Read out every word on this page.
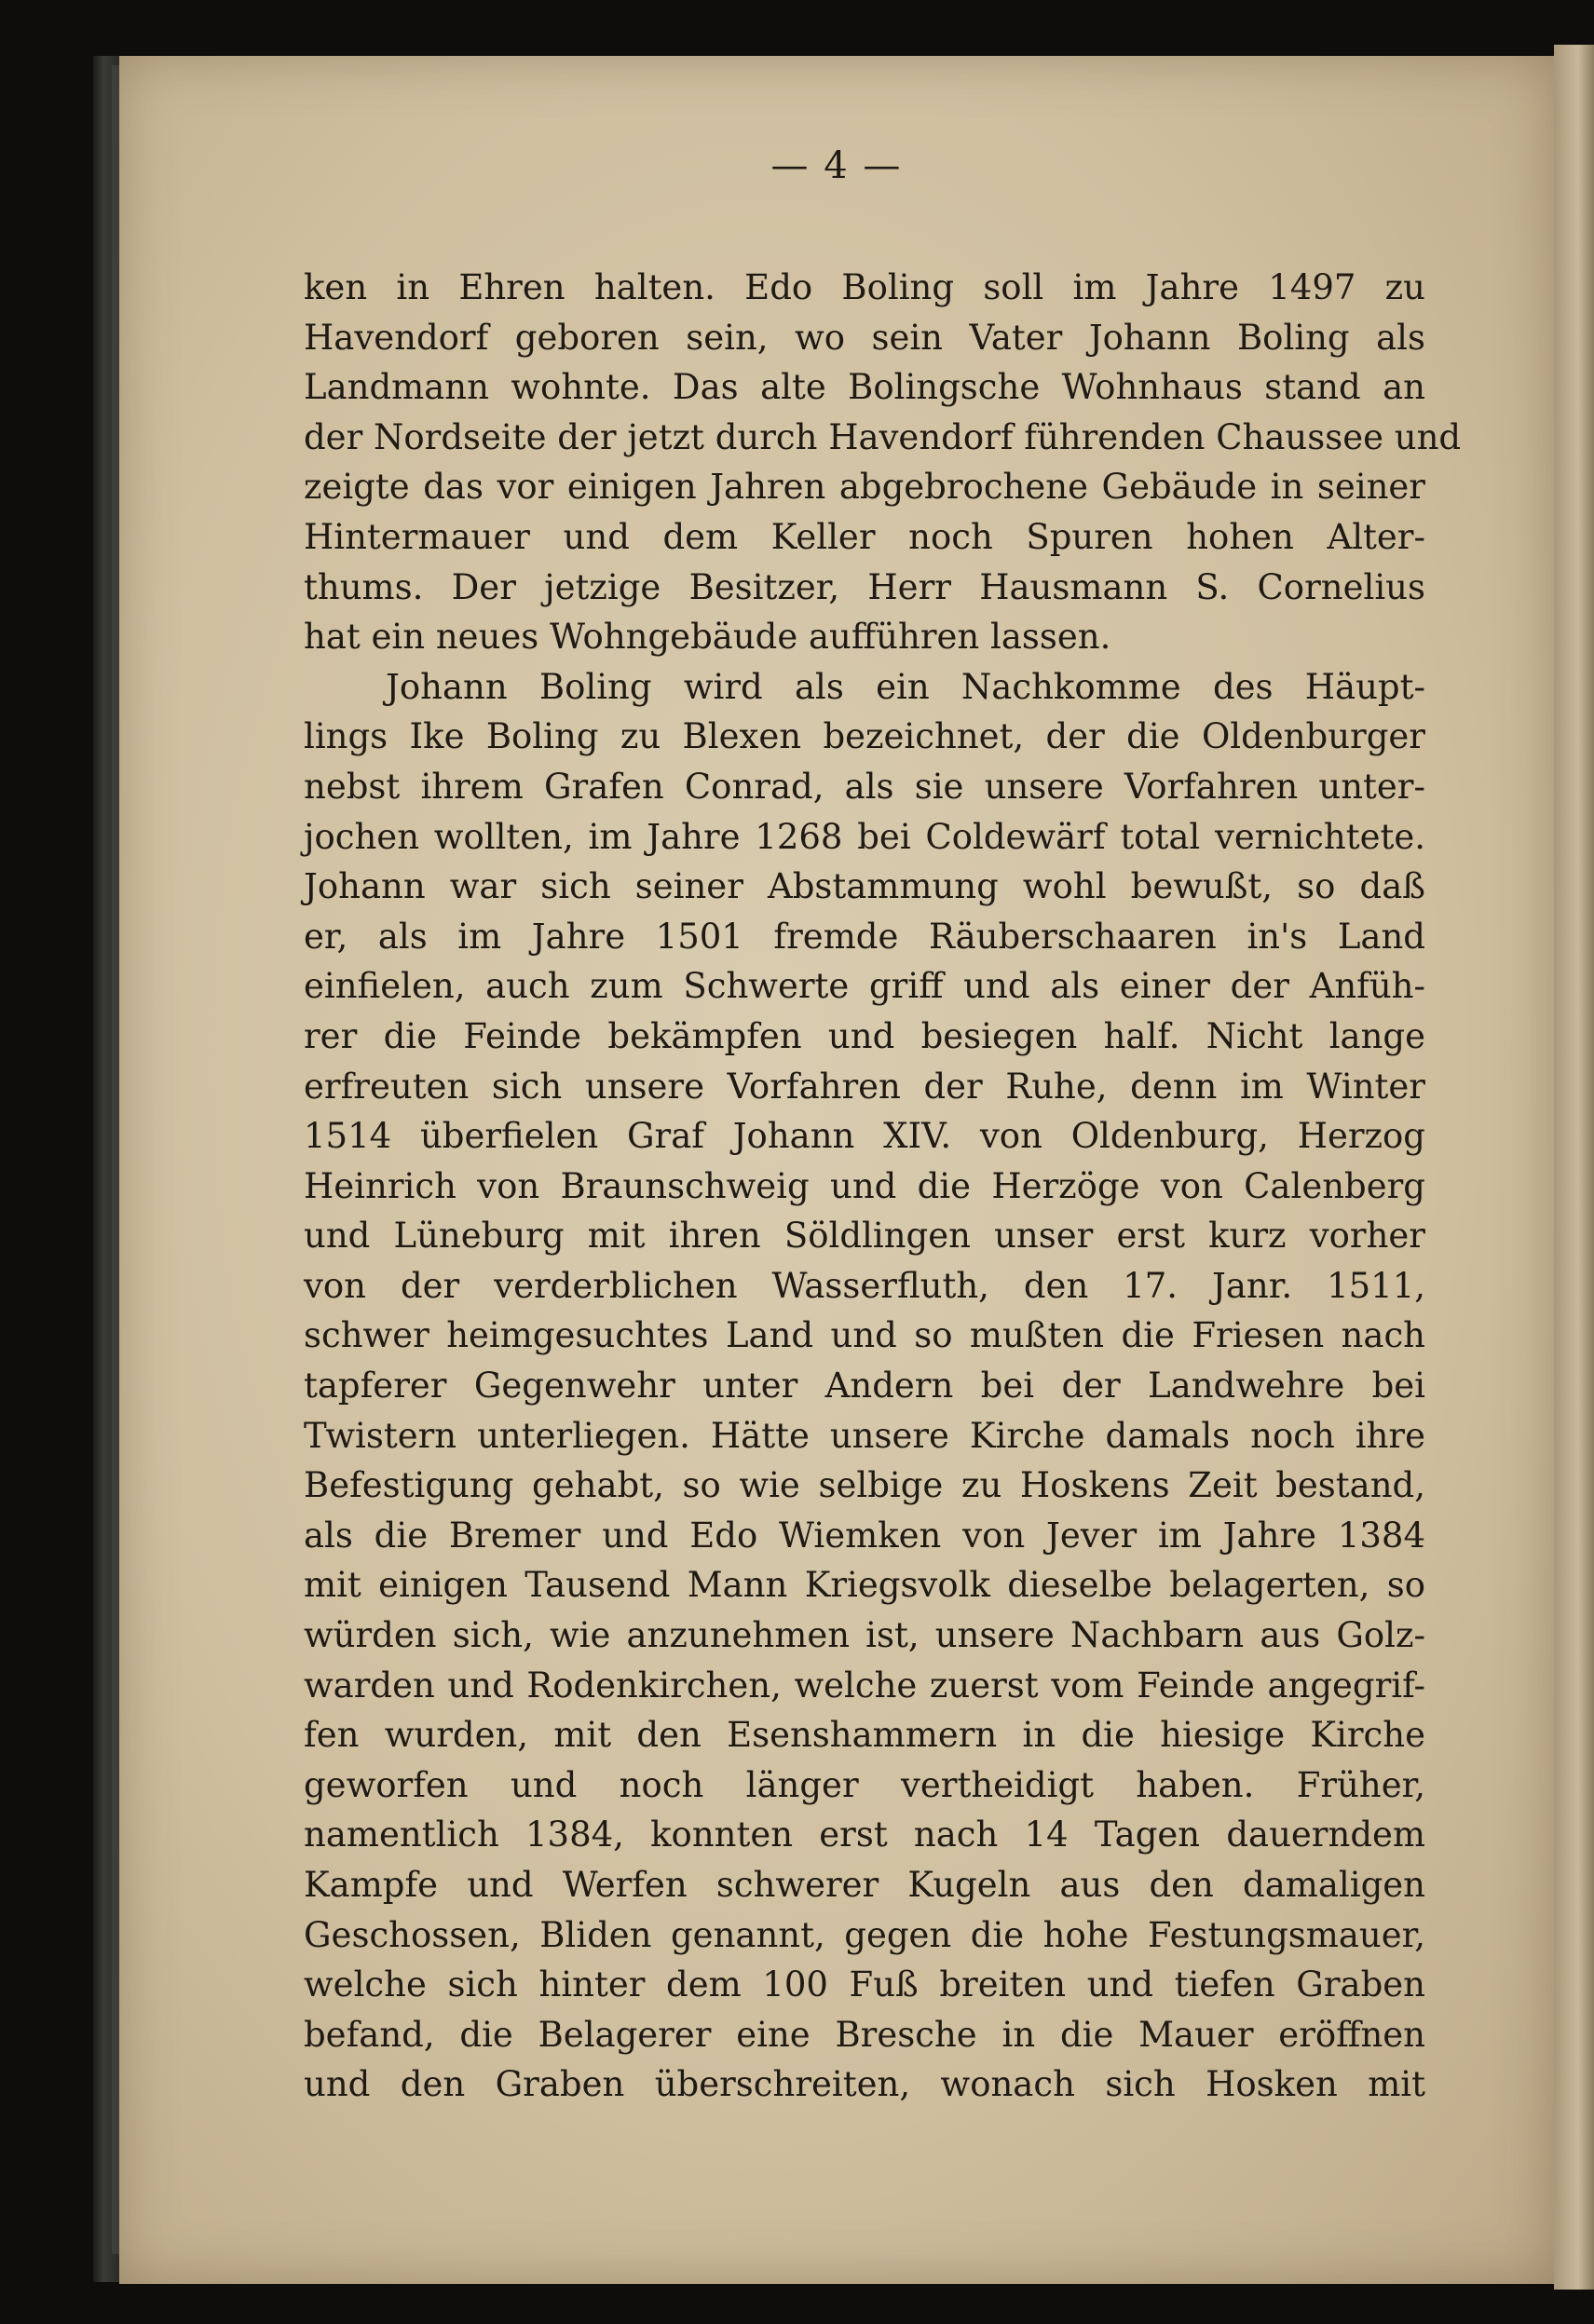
— 4 —
ken in Ehren halten. Edo Boling soll im Jahre 1497 zu
Havendorf geboren sein, wo sein Vater Johann Boling als
Landmann wohnte. Das alte Bolingsche Wohnhaus stand an
der Nordseite der jetzt durch Havendorf führenden Chaussee und
zeigte das vor einigen Jahren abgebrochene Gebäude in seiner
Hintermauer und dem Keller noch Spuren hohen Alter-
thums. Der jetzige Besitzer, Herr Hausmann S. Cornelius
hat ein neues Wohngebäude aufführen lassen.
Johann Boling wird als ein Nachkomme des Häupt-
lings Ike Boling zu Blexen bezeichnet, der die Oldenburger
nebst ihrem Grafen Conrad, als sie unsere Vorfahren unter-
jochen wollten, im Jahre 1268 bei Coldewärf total vernichtete.
Johann war sich seiner Abstammung wohl bewußt, so daß
er, als im Jahre 1501 fremde Räuberschaaren in's Land
einfielen, auch zum Schwerte griff und als einer der Anfüh-
rer die Feinde bekämpfen und besiegen half. Nicht lange
erfreuten sich unsere Vorfahren der Ruhe, denn im Winter
1514 überfielen Graf Johann XIV. von Oldenburg, Herzog
Heinrich von Braunschweig und die Herzöge von Calenberg
und Lüneburg mit ihren Söldlingen unser erst kurz vorher
von der verderblichen Wasserfluth, den 17. Janr. 1511,
schwer heimgesuchtes Land und so mußten die Friesen nach
tapferer Gegenwehr unter Andern bei der Landwehre bei
Twistern unterliegen. Hätte unsere Kirche damals noch ihre
Befestigung gehabt, so wie selbige zu Hoskens Zeit bestand,
als die Bremer und Edo Wiemken von Jever im Jahre 1384
mit einigen Tausend Mann Kriegsvolk dieselbe belagerten, so
würden sich, wie anzunehmen ist, unsere Nachbarn aus Golz-
warden und Rodenkirchen, welche zuerst vom Feinde angegrif-
fen wurden, mit den Esenshammern in die hiesige Kirche
geworfen und noch länger vertheidigt haben. Früher,
namentlich 1384, konnten erst nach 14 Tagen dauerndem
Kampfe und Werfen schwerer Kugeln aus den damaligen
Geschossen, Bliden genannt, gegen die hohe Festungsmauer,
welche sich hinter dem 100 Fuß breiten und tiefen Graben
befand, die Belagerer eine Bresche in die Mauer eröffnen
und den Graben überschreiten, wonach sich Hosken mit
